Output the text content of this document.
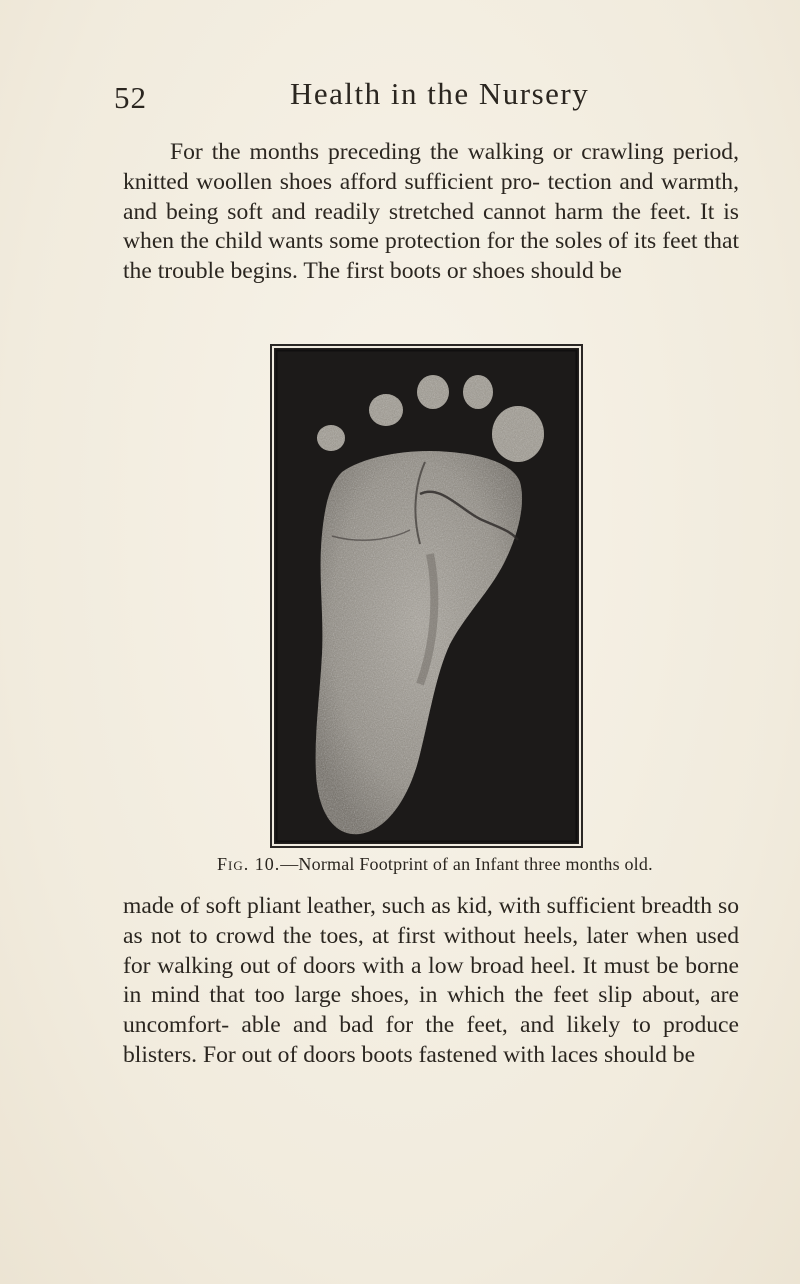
52	Health in the Nursery

For the months preceding the walking or crawling period, knitted woollen shoes afford sufficient pro- tection and warmth, and being soft and readily stretched cannot harm the feet. It is when the child wants some protection for the soles of its feet that the trouble begins. The first boots or shoes should be

Fig. 10.—Normal Footprint of an Infant three months old.

made of soft pliant leather, such as kid, with sufficient breadth so as not to crowd the toes, at first without heels, later when used for walking out of doors with a low broad heel. It must be borne in mind that too large shoes, in which the feet slip about, are uncomfort- able and bad for the feet, and likely to produce blisters. For out of doors boots fastened with laces should be
